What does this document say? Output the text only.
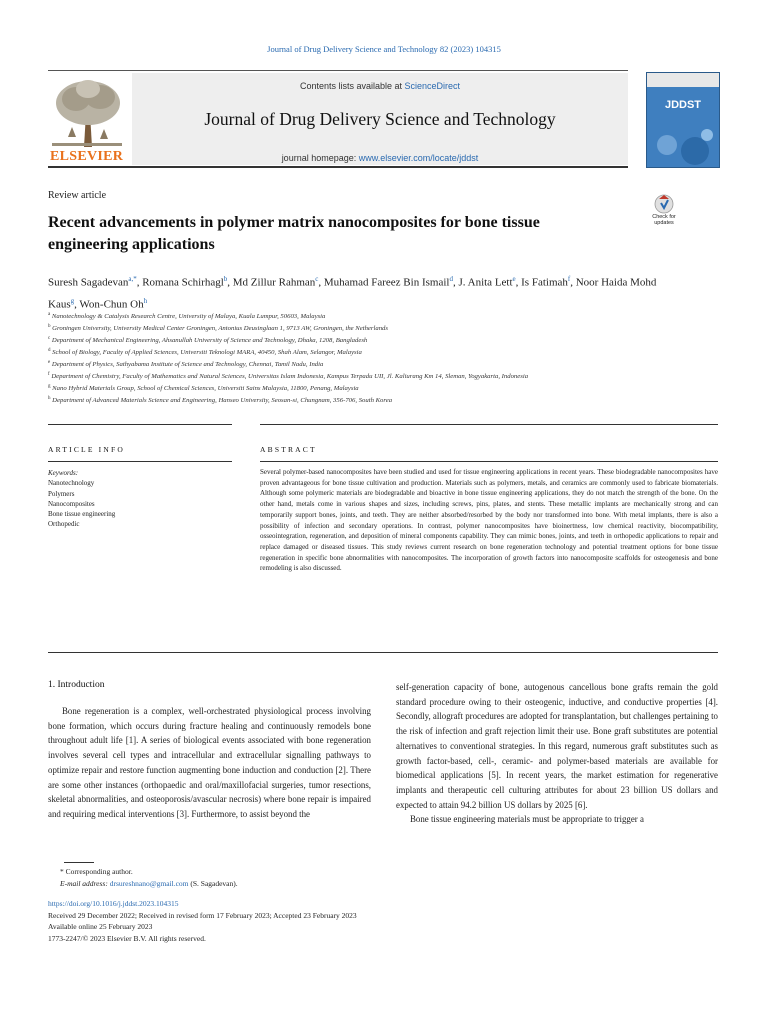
Journal of Drug Delivery Science and Technology 82 (2023) 104315
ELSEVIER
Contents lists available at ScienceDirect
Journal of Drug Delivery Science and Technology
journal homepage: www.elsevier.com/locate/jddst
JDDST
Review article
Recent advancements in polymer matrix nanocomposites for bone tissue engineering applications
Check for updates
Suresh Sagadevan$^{a,*}$, Romana Schirhagl$^b$, Md Zillur Rahman$^c$, Muhamad Fareez Bin Ismail$^d$, J. Anita Lett$^e$, Is Fatimah$^f$, Noor Haida Mohd Kaus$^g$, Won-Chun Oh$^h$
$^a$ Nanotechnology & Catalysis Research Centre, University of Malaya, Kuala Lumpur, 50603, Malaysia
$^b$ Groningen University, University Medical Center Groningen, Antonius Deusinglaan 1, 9713 AW, Groningen, the Netherlands
$^c$ Department of Mechanical Engineering, Ahsanullah University of Science and Technology, Dhaka, 1208, Bangladesh
$^d$ School of Biology, Faculty of Applied Sciences, Universiti Teknologi MARA, 40450, Shah Alam, Selangor, Malaysia
$^e$ Department of Physics, Sathyabama Institute of Science and Technology, Chennai, Tamil Nadu, India
$^f$ Department of Chemistry, Faculty of Mathematics and Natural Sciences, Universitas Islam Indonesia, Kampus Terpadu UII, Jl. Kaliurang Km 14, Sleman, Yogyakarta, Indonesia
$^g$ Nano Hybrid Materials Group, School of Chemical Sciences, Universiti Sains Malaysia, 11800, Penang, Malaysia
$^h$ Department of Advanced Materials Science and Engineering, Hanseo University, Seosan-si, Chungnam, 356-706, South Korea
ARTICLE INFO	ABSTRACT
Keywords:
Nanotechnology
Polymers
Nanocomposites
Bone tissue engineering
Orthopedic
Several polymer-based nanocomposites have been studied and used for tissue engineering applications in recent years. These biodegradable nanocomposites have proven advantageous for bone tissue cultivation and production. Materials such as polymers, metals, and ceramics are commonly used to fabricate biomaterials. Although some polymeric materials are biodegradable and bioactive in bone tissue engineering applications, they do not match the strength of the bone. On the other hand, metals come in various shapes and sizes, including screws, pins, plates, and stents. These metallic implants are mechanically strong and can temporarily support bones, joints, and teeth. They are neither absorbed/resorbed by the body nor transformed into bone. With metal implants, there is also a possibility of infection and secondary operations. In contrast, polymer nanocomposites have bioinertness, low chemical reactivity, biocompatibility, osseointegration, regeneration, and deposition of mineral components capability. They can mimic bones, joints, and teeth in orthopedic applications to repair and replace damaged or diseased tissues. This study reviews current research on bone regeneration technology and potential treatment options for bone tissue regeneration in specific bone abnormalities with nanocomposites. The incorporation of growth factors into nanocomposite scaffolds for osteogenesis and bone remodeling is also discussed.
1. Introduction
Bone regeneration is a complex, well-orchestrated physiological process involving bone formation, which occurs during fracture healing and continuously remodels bone throughout adult life [1]. A series of biological events associated with bone regeneration involves several cell types and intracellular and extracellular signalling pathways to optimize repair and restore function augmenting bone induction and conduction [2]. There are some other instances (orthopaedic and oral/maxillofacial surgeries, tumor resections, skeletal abnormalities, and osteoporosis/avascular necrosis) where bone repair is impaired and requiring medical interventions [3]. Furthermore, to assist beyond the
self-generation capacity of bone, autogenous cancellous bone grafts remain the gold standard procedure owing to their osteogenic, inductive, and conductive properties [4]. Secondly, allograft procedures are adopted for transplantation, but challenges pertaining to the risk of infection and graft rejection limit their use. Bone graft substitutes are potential alternatives to conventional strategies. In this regard, numerous graft substitutes such as growth factor-based, cell-, ceramic- and polymer-based materials are available for biomedical applications [5]. In recent years, the market estimation for regenerative implants and therapeutic cell culturing attributes for about 23 billion US dollars and expected to attain 94.2 billion US dollars by 2025 [6].
Bone tissue engineering materials must be appropriate to trigger a
* Corresponding author.
E-mail address: drsureshnano@gmail.com (S. Sagadevan).
https://doi.org/10.1016/j.jddst.2023.104315
Received 29 December 2022; Received in revised form 17 February 2023; Accepted 23 February 2023
Available online 25 February 2023
1773-2247/© 2023 Elsevier B.V. All rights reserved.
